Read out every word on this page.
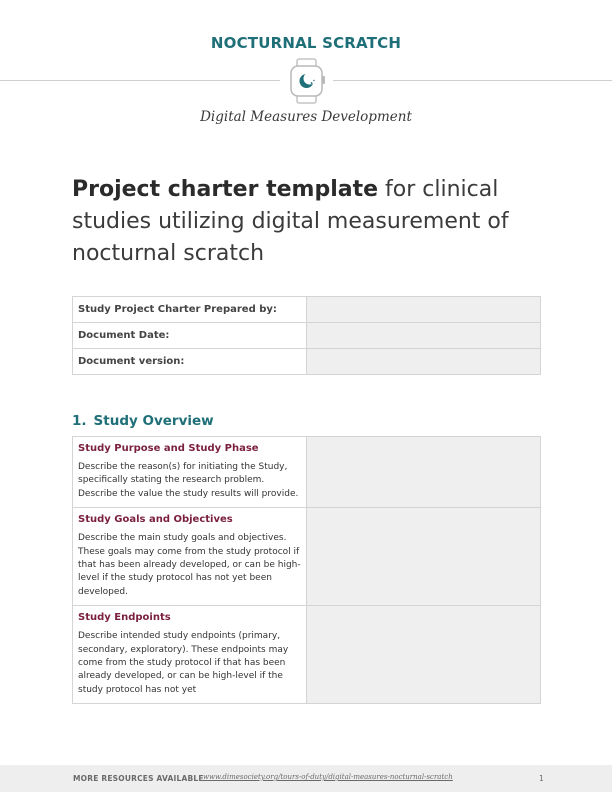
NOCTURNAL SCRATCH
Digital Measures Development
Project charter template for clinical studies utilizing digital measurement of nocturnal scratch
Study Project Charter Prepared by:	
Document Date:	
Document version:	
1. Study Overview

Study Purpose and Study Phase

Describe the reason(s) for initiating the Study, specifically stating the research problem. Describe the value the study results will provide.	

Study Goals and Objectives

Describe the main study goals and objectives. These goals may come from the study protocol if that has been already developed, or can be high-level if the study protocol has not yet been developed.	

Study Endpoints

Describe intended study endpoints (primary, secondary, exploratory). These endpoints may come from the study protocol if that has been already developed, or can be high-level if the study protocol has not yet	

MORE RESOURCES AVAILABLE www.dimesociety.org/tours-of-duty/digital-measures-nocturnal-scratch	1
